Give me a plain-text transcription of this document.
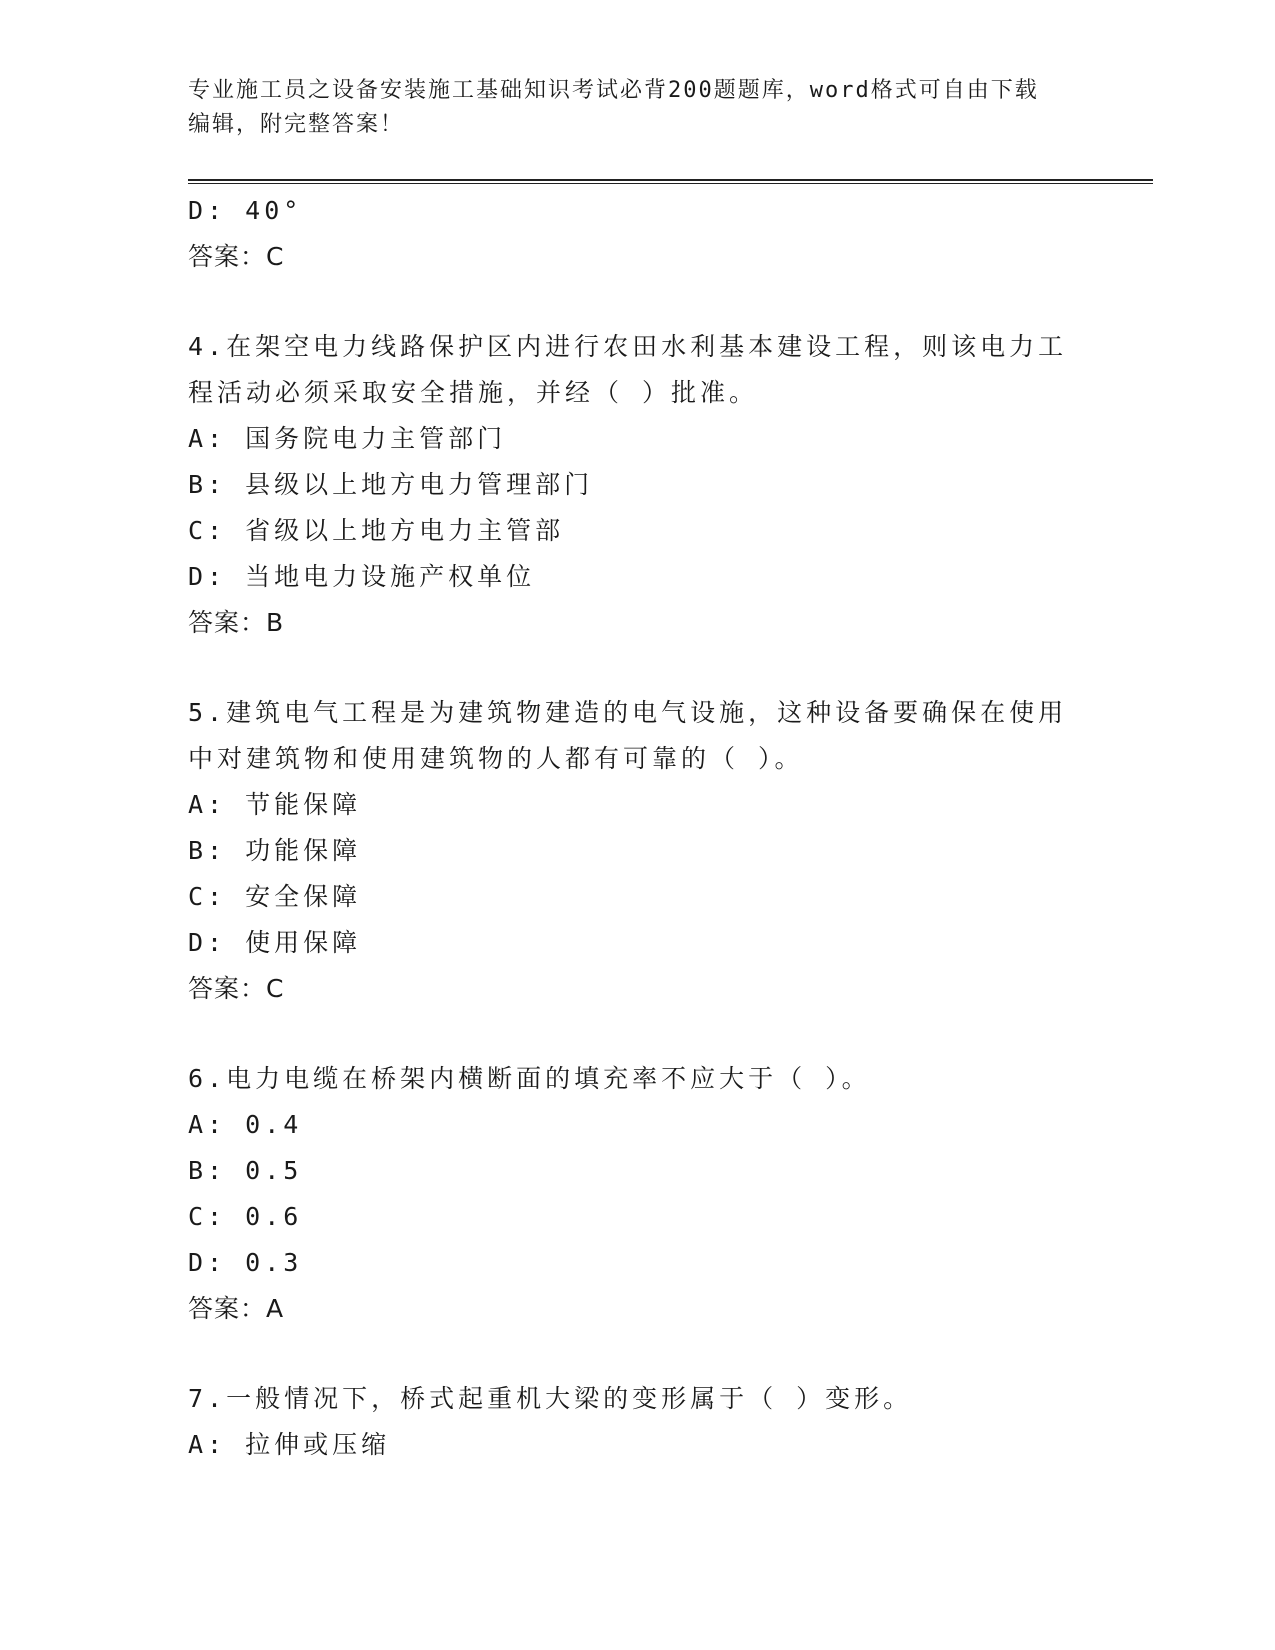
专业施工员之设备安装施工基础知识考试必背200题题库，word格式可自由下载
编辑，附完整答案！
D: 40°
答案：C
4.在架空电力线路保护区内进行农田水利基本建设工程，则该电力工
程活动必须采取安全措施，并经（ ）批准。
A: 国务院电力主管部门
B: 县级以上地方电力管理部门
C: 省级以上地方电力主管部
D: 当地电力设施产权单位
答案：B
5.建筑电气工程是为建筑物建造的电气设施，这种设备要确保在使用
中对建筑物和使用建筑物的人都有可靠的（ ）。
A: 节能保障
B: 功能保障
C: 安全保障
D: 使用保障
答案：C
6.电力电缆在桥架内横断面的填充率不应大于（ ）。
A: 0.4
B: 0.5
C: 0.6
D: 0.3
答案：A
7.一般情况下，桥式起重机大梁的变形属于（ ）变形。
A: 拉伸或压缩
